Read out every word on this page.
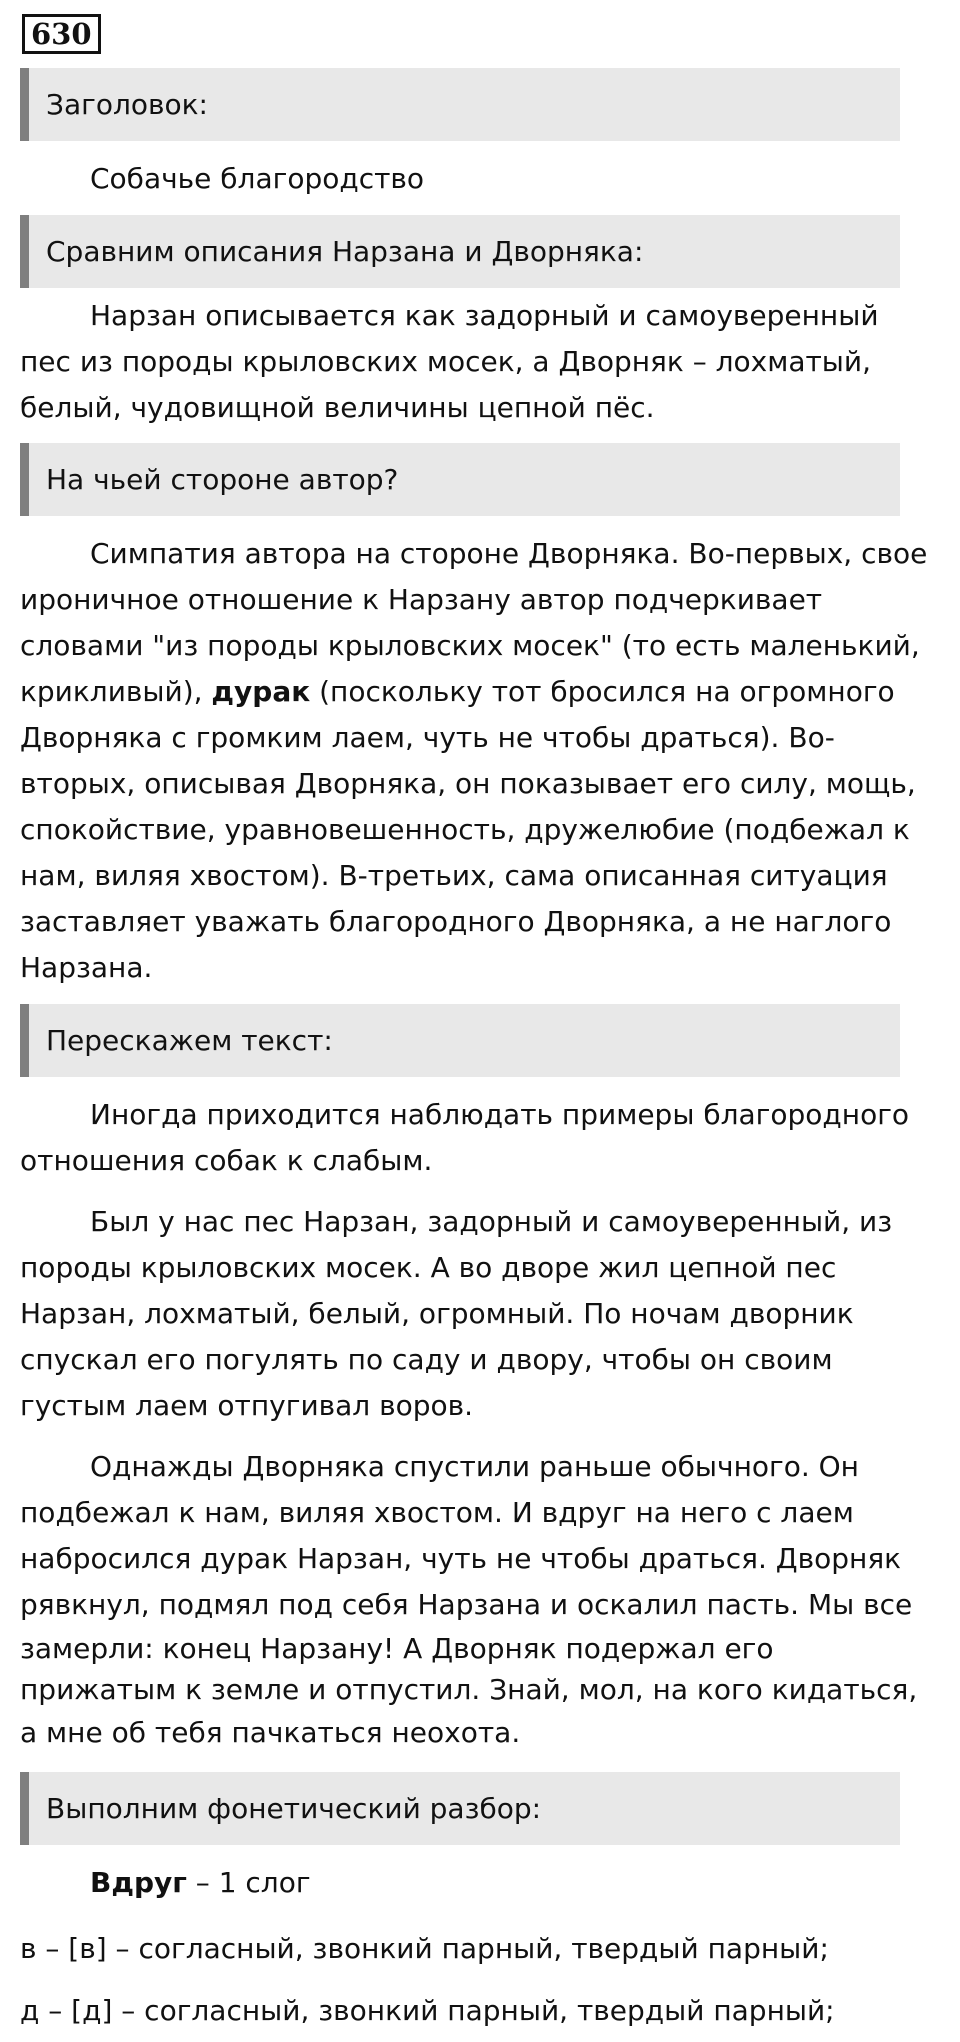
630
Заголовок:
Собачье благородство
Сравним описания Нарзана и Дворняка:
Нарзан описывается как задорный и самоуверенный
пес из породы крыловских мосек, а Дворняк – лохматый,
белый, чудовищной величины цепной пёс.
На чьей стороне автор?
Симпатия автора на стороне Дворняка. Во-первых, свое
ироничное отношение к Нарзану автор подчеркивает
словами "из породы крыловских мосек" (то есть маленький,
крикливый), дурак (поскольку тот бросился на огромного
Дворняка с громким лаем, чуть не чтобы драться). Во-
вторых, описывая Дворняка, он показывает его силу, мощь,
спокойствие, уравновешенность, дружелюбие (подбежал к
нам, виляя хвостом). В-третьих, сама описанная ситуация
заставляет уважать благородного Дворняка, а не наглого
Нарзана.
Перескажем текст:
Иногда приходится наблюдать примеры благородного
отношения собак к слабым.
Был у нас пес Нарзан, задорный и самоуверенный, из
породы крыловских мосек. А во дворе жил цепной пес
Нарзан, лохматый, белый, огромный. По ночам дворник
спускал его погулять по саду и двору, чтобы он своим
густым лаем отпугивал воров.
Однажды Дворняка спустили раньше обычного. Он
подбежал к нам, виляя хвостом. И вдруг на него с лаем
набросился дурак Нарзан, чуть не чтобы драться. Дворняк
рявкнул, подмял под себя Нарзана и оскалил пасть. Мы все
замерли: конец Нарзану! А Дворняк подержал его
прижатым к земле и отпустил. Знай, мол, на кого кидаться,
а мне об тебя пачкаться неохота.
Выполним фонетический разбор:
Вдруг – 1 слог
в – [в] – согласный, звонкий парный, твердый парный;
д – [д] – согласный, звонкий парный, твердый парный;
